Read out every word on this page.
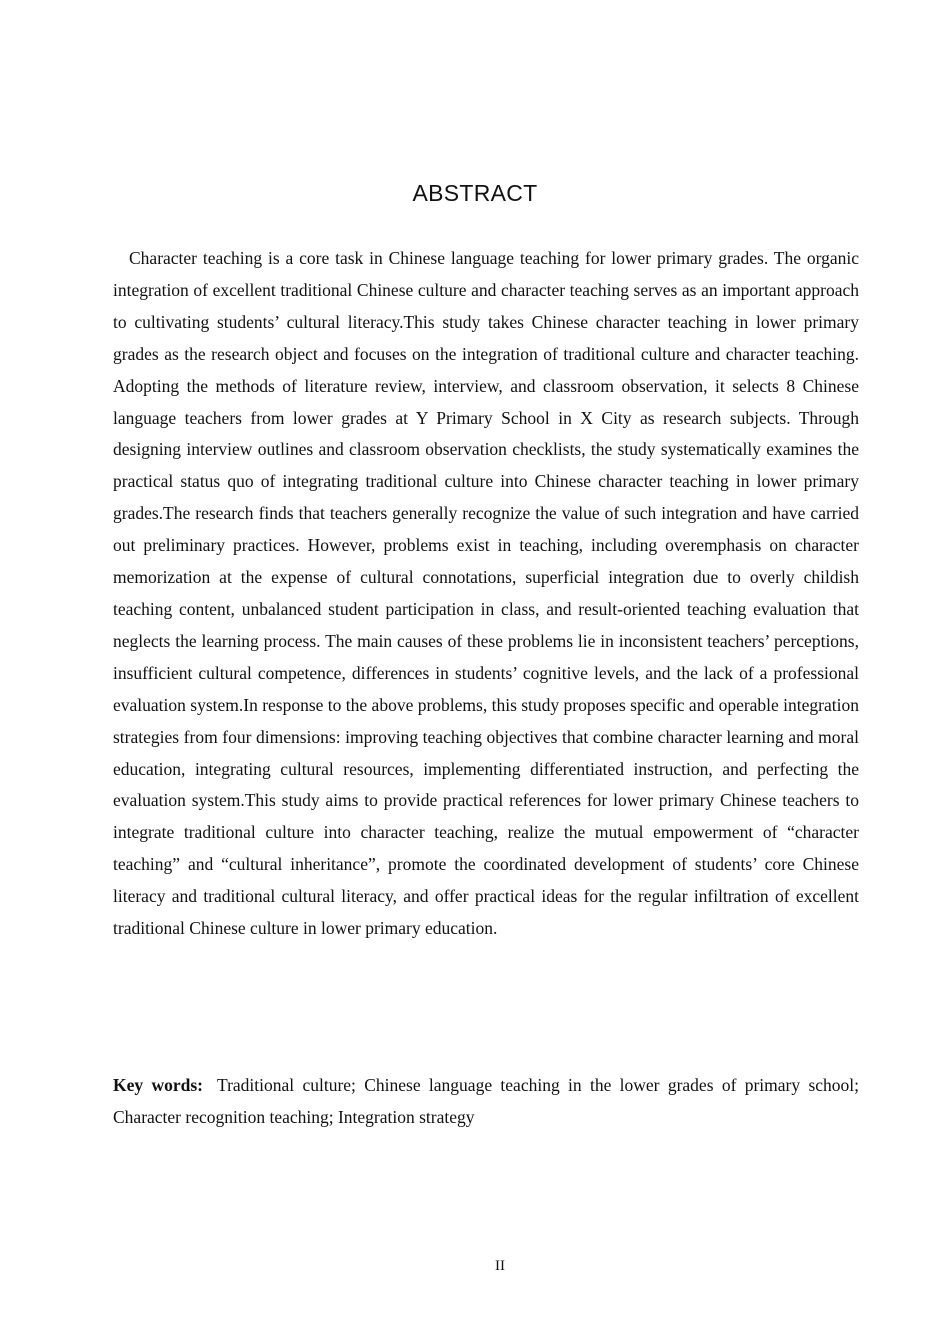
ABSTRACT

Character teaching is a core task in Chinese language teaching for lower primary grades. The organic integration of excellent traditional Chinese culture and character teaching serves as an important approach to cultivating students’ cultural literacy.This study takes Chinese character teaching in lower primary grades as the research object and focuses on the integration of traditional culture and character teaching. Adopting the methods of literature review, interview, and classroom observation, it selects 8 Chinese language teachers from lower grades at Y Primary School in X City as research subjects. Through designing interview outlines and classroom observation checklists, the study systematically examines the practical status quo of integrating traditional culture into Chinese character teaching in lower primary grades.The research finds that teachers generally recognize the value of such integration and have carried out preliminary practices. However, problems exist in teaching, including overemphasis on character memorization at the expense of cultural connotations, superficial integration due to overly childish teaching content, unbalanced student participation in class, and result-oriented teaching evaluation that neglects the learning process. The main causes of these problems lie in inconsistent teachers’ perceptions, insufficient cultural competence, differences in students’ cognitive levels, and the lack of a professional evaluation system.In response to the above problems, this study proposes specific and operable integration strategies from four dimensions: improving teaching objectives that combine character learning and moral education, integrating cultural resources, implementing differentiated instruction, and perfecting the evaluation system.This study aims to provide practical references for lower primary Chinese teachers to integrate traditional culture into character teaching, realize the mutual empowerment of “character teaching” and “cultural inheritance”, promote the coordinated development of students’ core Chinese literacy and traditional cultural literacy, and offer practical ideas for the regular infiltration of excellent traditional Chinese culture in lower primary education.

Key words: Traditional culture; Chinese language teaching in the lower grades of primary school; Character recognition teaching; Integration strategy

II
